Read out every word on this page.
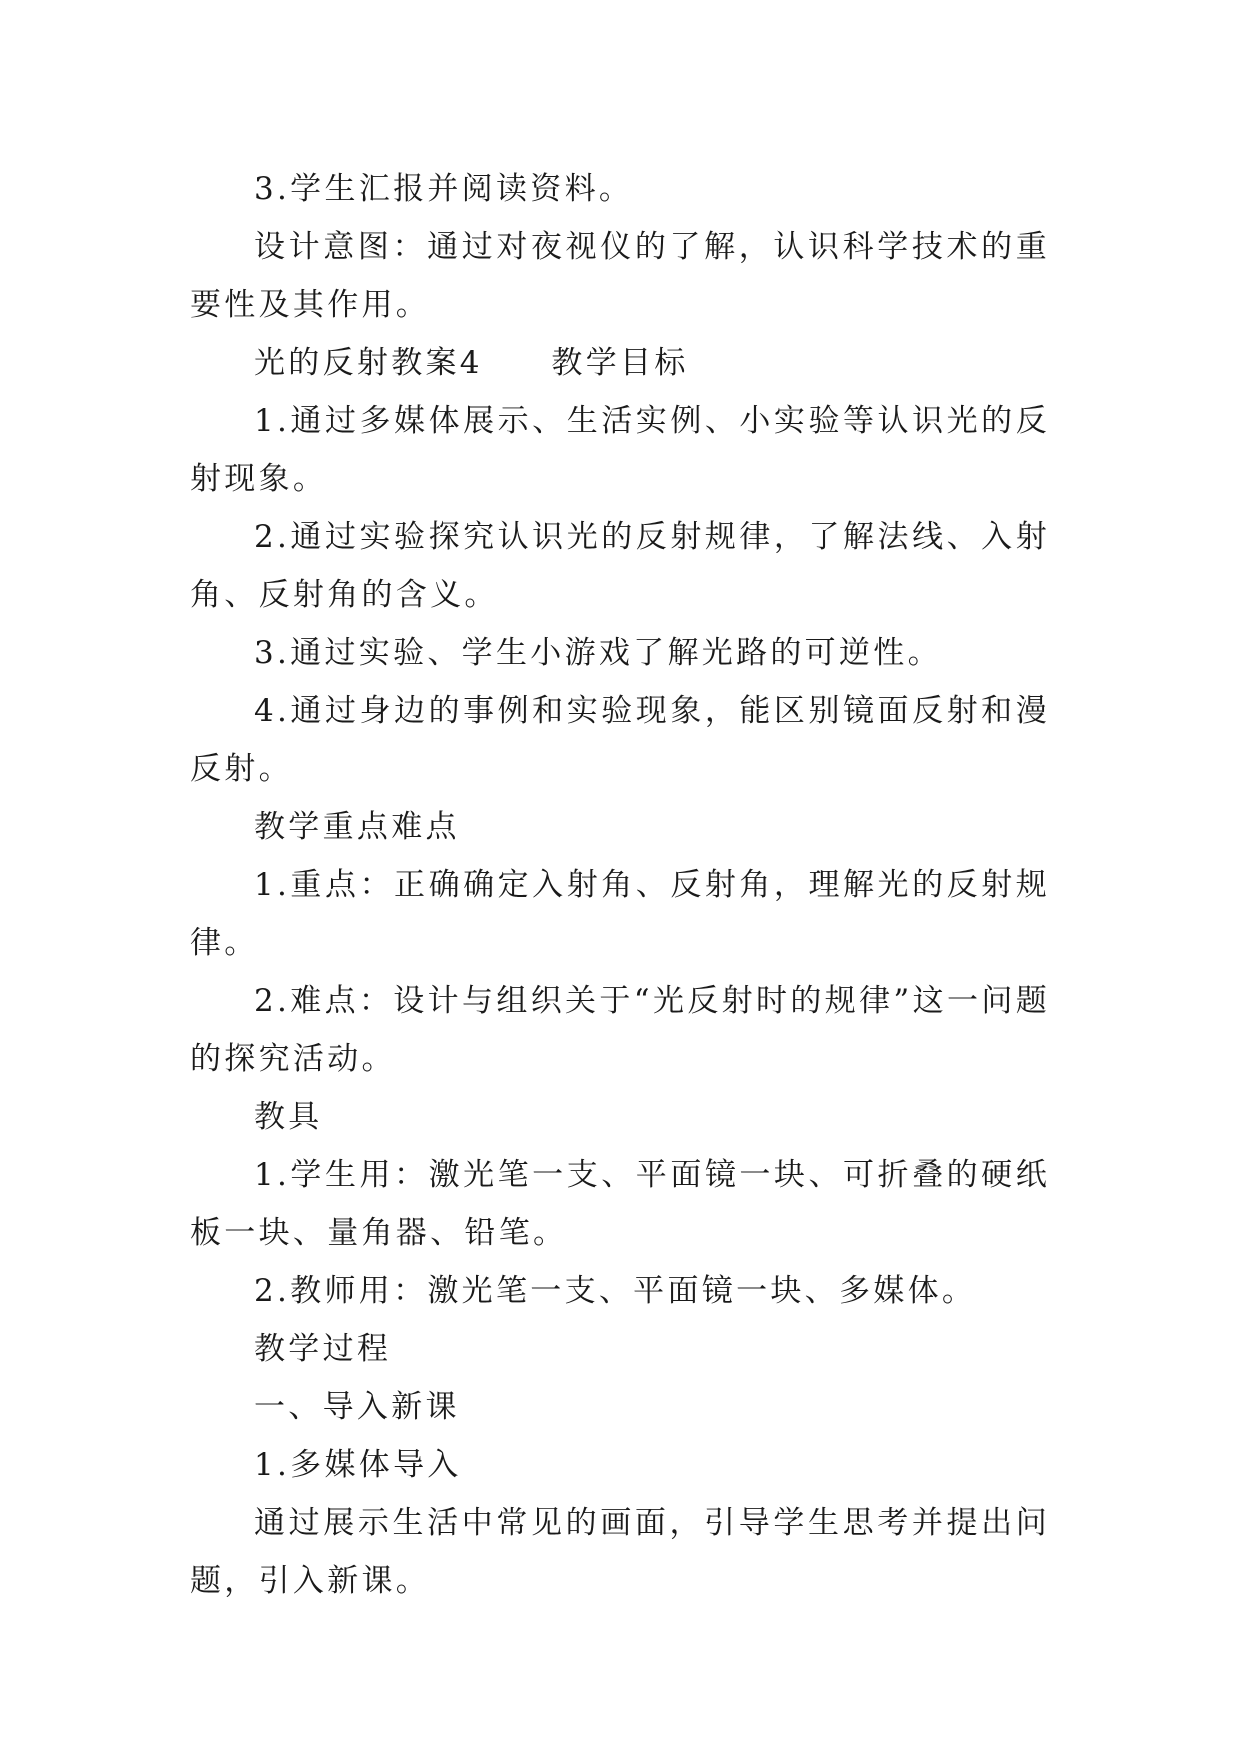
3.学生汇报并阅读资料。

设计意图：通过对夜视仪的了解，认识科学技术的重要性及其作用。

光的反射教案4　　教学目标

1.通过多媒体展示、生活实例、小实验等认识光的反射现象。

2.通过实验探究认识光的反射规律，了解法线、入射角、反射角的含义。

3.通过实验、学生小游戏了解光路的可逆性。

4.通过身边的事例和实验现象，能区别镜面反射和漫反射。

教学重点难点

1.重点：正确确定入射角、反射角，理解光的反射规律。

2.难点：设计与组织关于“光反射时的规律”这一问题的探究活动。

教具

1.学生用：激光笔一支、平面镜一块、可折叠的硬纸板一块、量角器、铅笔。

2.教师用：激光笔一支、平面镜一块、多媒体。

教学过程

一、导入新课

1.多媒体导入

通过展示生活中常见的画面，引导学生思考并提出问题，引入新课。
